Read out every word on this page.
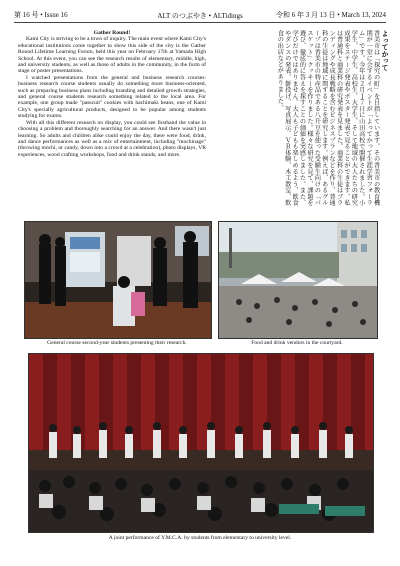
第 16 号 • Issue 16	令和 6 年 3 月 13 日 • March 13, 2024
ALT のつぶやき • ALTidings
Gather Round!

Kami City is striving to be a town of inquiry. The main event where Kami City's educational institutions come together to show this side of the city is the Gather Round Lifetime Learning Forum, held this year on February 17th at Yamada High School. At this event, you can see the research results of elementary, middle, high, and university students, as well as those of adults in the community, in the form of stage or poster presentations.

I watched presentations from the general and business research courses: business research course students usually do something more business-oriented, such as preparing business plans including branding and detailed growth strategies, and general course students research something related to the local area. For example, one group made "passcuit" cookies with hachimaki beans, one of Kami City's specially agricultural products, designed to be popular among students studying for exams.

With all this different research on display, you could see firsthand the value in choosing a problem and thoroughly searching for an answer. And there wasn't just learning. So adults and children alike could enjoy the day, there were food, drink, and dance performances as well as a mix of entertainment, including "mochinage" (throwing mochi, or candy, down into a crowd at a celebration), photo displays, VR experiences, wood crafting workshops, food and drink stands, and more.

よってかって
香美市は「探究の町」を目指しています。その香美市の教育機関が一堂に会するイベントが「よってかって生涯学習フォーラム」です。今年は２月１７日に山田高校で開催されました。小学生、中学生、高校生、大学生、そして地域の大人たちの研究成果をステージ発表やポスター発表で見ることができます。私は普通科と商業科の研究発表を見ました。商業科の生徒はブランディングや成長戦略を含むビジネスプランなどを作り、普通科の生徒は地域に関することを研究します。例えば、あるグループは香美市の特産品である八升豆を使った受験生向けの「パスケット」クッキーを作りました。様々な研究を見て、課題を選び、徹底的に答えを探すことの価値を実感しました。また、学びだけではありません。大人も子どもも楽しめるよう、飲食やダンスの発表、餅投げ、写真展示、ＶＲ体験、木工教室、飲食の出店などがありました。
General course second-year students presenting their research.	Food and drink vendors in the courtyard.
A joint performance of Y.M.C.A. by students from elementary to university level.
